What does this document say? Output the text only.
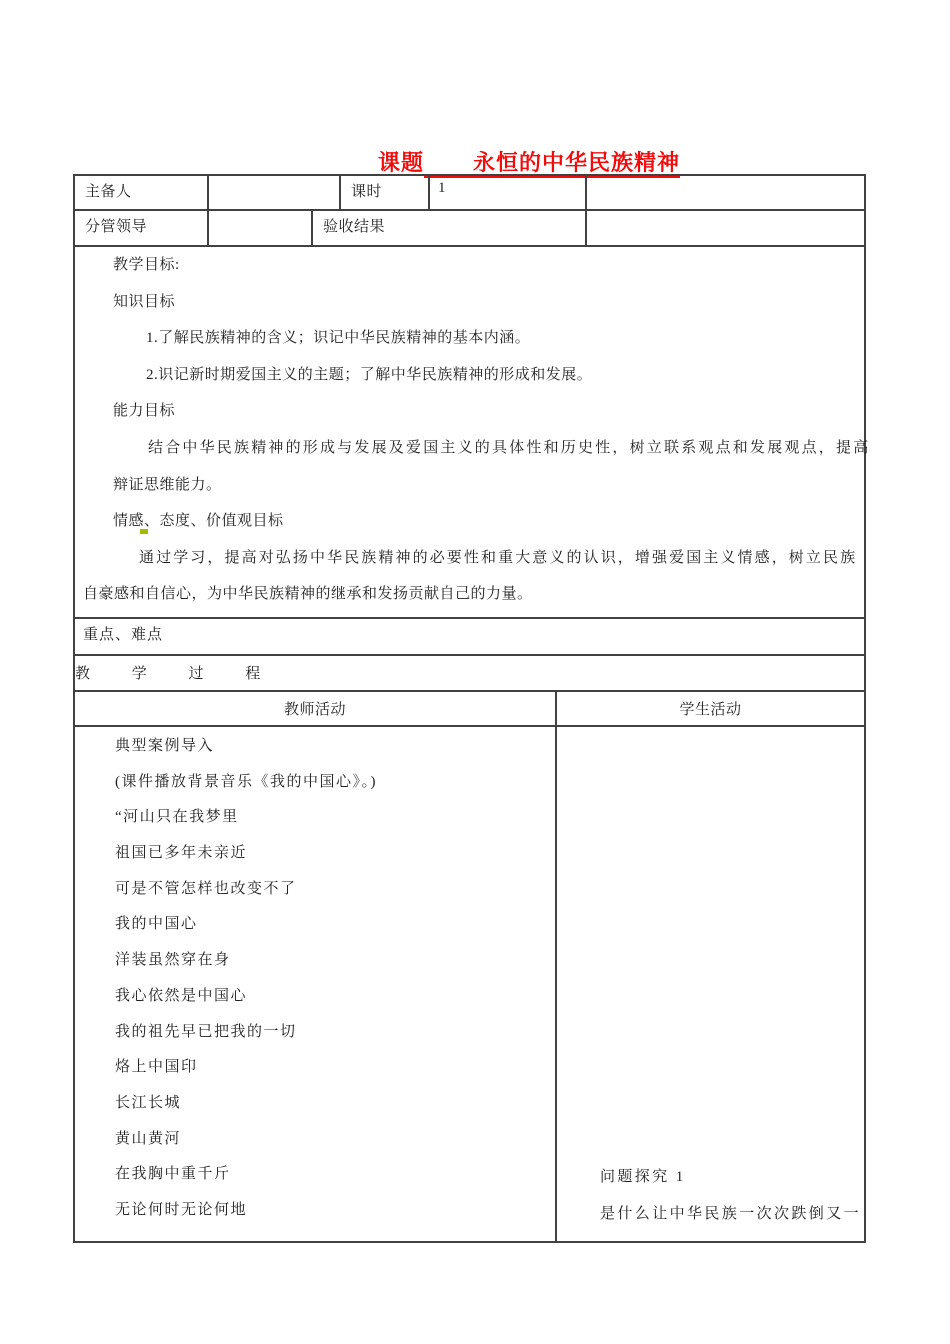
课题 永恒的中华民族精神

主备人	课时	1
分管领导	验收结果
教学目标:
知识目标
1.了解民族精神的含义；识记中华民族精神的基本内涵。
2.识记新时期爱国主义的主题；了解中华民族精神的形成和发展。
能力目标
结合中华民族精神的形成与发展及爱国主义的具体性和历史性，树立联系观点和发展观点，提高
辩证思维能力。
情感、态度、价值观目标
通过学习，提高对弘扬中华民族精神的必要性和重大意义的认识，增强爱国主义情感，树立民族
自豪感和自信心，为中华民族精神的继承和发扬贡献自己的力量。
重点、难点
教 学 过 程
教师活动	学生活动
典型案例导入
(课件播放背景音乐《我的中国心》。)
“河山只在我梦里
祖国已多年未亲近
可是不管怎样也改变不了
我的中国心
洋装虽然穿在身
我心依然是中国心
我的祖先早已把我的一切
烙上中国印
长江长城
黄山黄河
在我胸中重千斤
无论何时无论何地
问题探究 1
是什么让中华民族一次次跌倒又一
